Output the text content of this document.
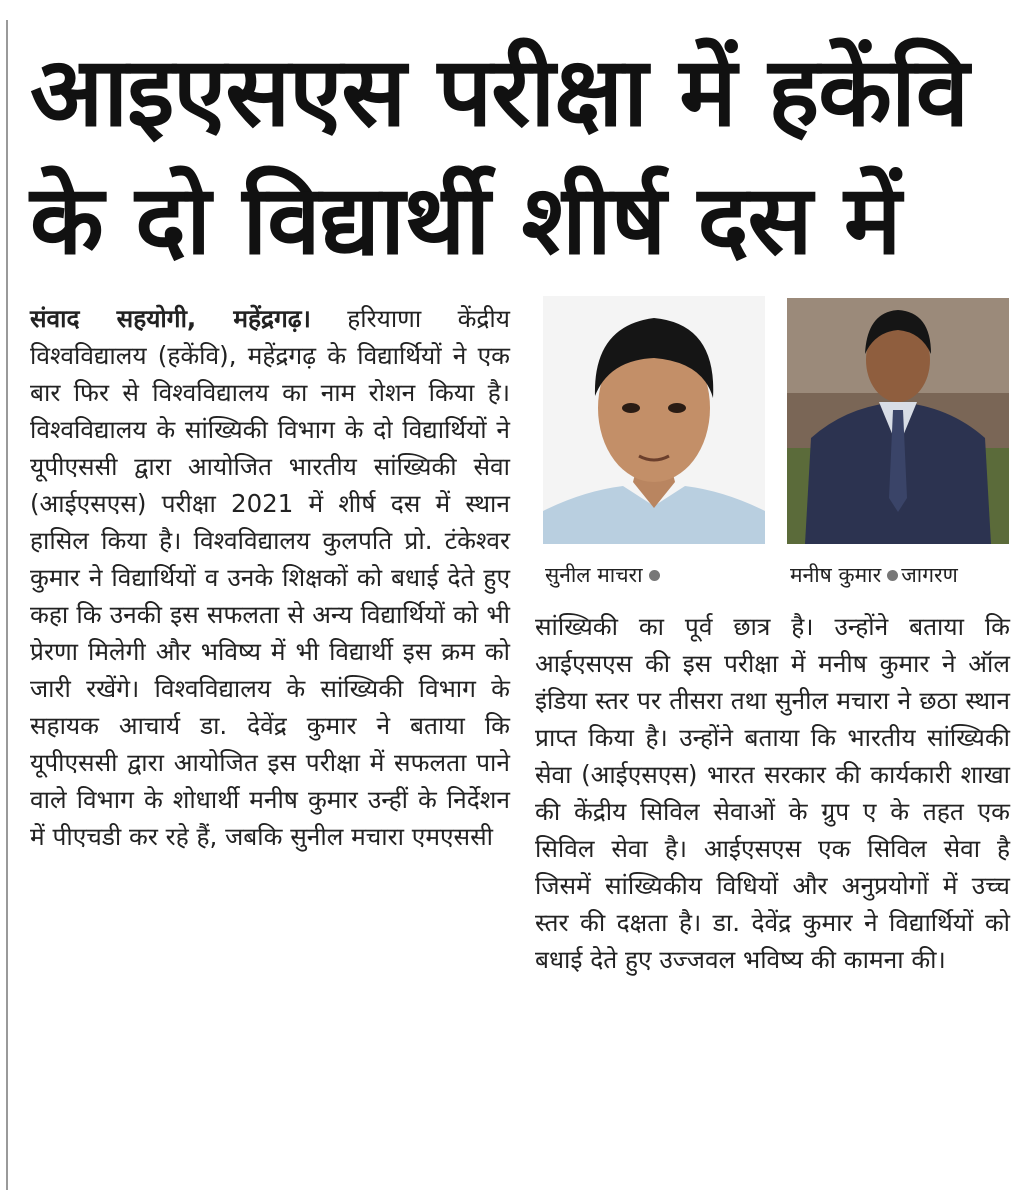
आइएसएस परीक्षा में हकेंवि
के दो विद्यार्थी शीर्ष दस में

संवाद सहयोगी, महेंद्रगढ़। हरियाणा केंद्रीय विश्वविद्यालय (हकेंवि), महेंद्रगढ़ के विद्यार्थियों ने एक बार फिर से विश्वविद्यालय का नाम रोशन किया है। विश्वविद्यालय के सांख्यिकी विभाग के दो विद्यार्थियों ने यूपीएससी द्वारा आयोजित भारतीय सांख्यिकी सेवा (आईएसएस) परीक्षा 2021 में शीर्ष दस में स्थान हासिल किया है। विश्वविद्यालय कुलपति प्रो. टंकेश्वर कुमार ने विद्यार्थियों व उनके शिक्षकों को बधाई देते हुए कहा कि उनकी इस सफलता से अन्य विद्यार्थियों को भी प्रेरणा मिलेगी और भविष्य में भी विद्यार्थी इस क्रम को जारी रखेंगे। विश्वविद्यालय के सांख्यिकी विभाग के सहायक आचार्य डा. देवेंद्र कुमार ने बताया कि यूपीएससी द्वारा आयोजित इस परीक्षा में सफलता पाने वाले विभाग के शोधार्थी मनीष कुमार उन्हीं के निर्देशन में पीएचडी कर रहे हैं, जबकि सुनील मचारा एमएससी

सुनील माचरा	मनीष कुमार जागरण

सांख्यिकी का पूर्व छात्र है। उन्होंने बताया कि आईएसएस की इस परीक्षा में मनीष कुमार ने ऑल इंडिया स्तर पर तीसरा तथा सुनील मचारा ने छठा स्थान प्राप्त किया है। उन्होंने बताया कि भारतीय सांख्यिकी सेवा (आईएसएस) भारत सरकार की कार्यकारी शाखा की केंद्रीय सिविल सेवाओं के ग्रुप ए के तहत एक सिविल सेवा है। आईएसएस एक सिविल सेवा है जिसमें सांख्यिकीय विधियों और अनुप्रयोगों में उच्च स्तर की दक्षता है। डा. देवेंद्र कुमार ने विद्यार्थियों को बधाई देते हुए उज्जवल भविष्य की कामना की।
